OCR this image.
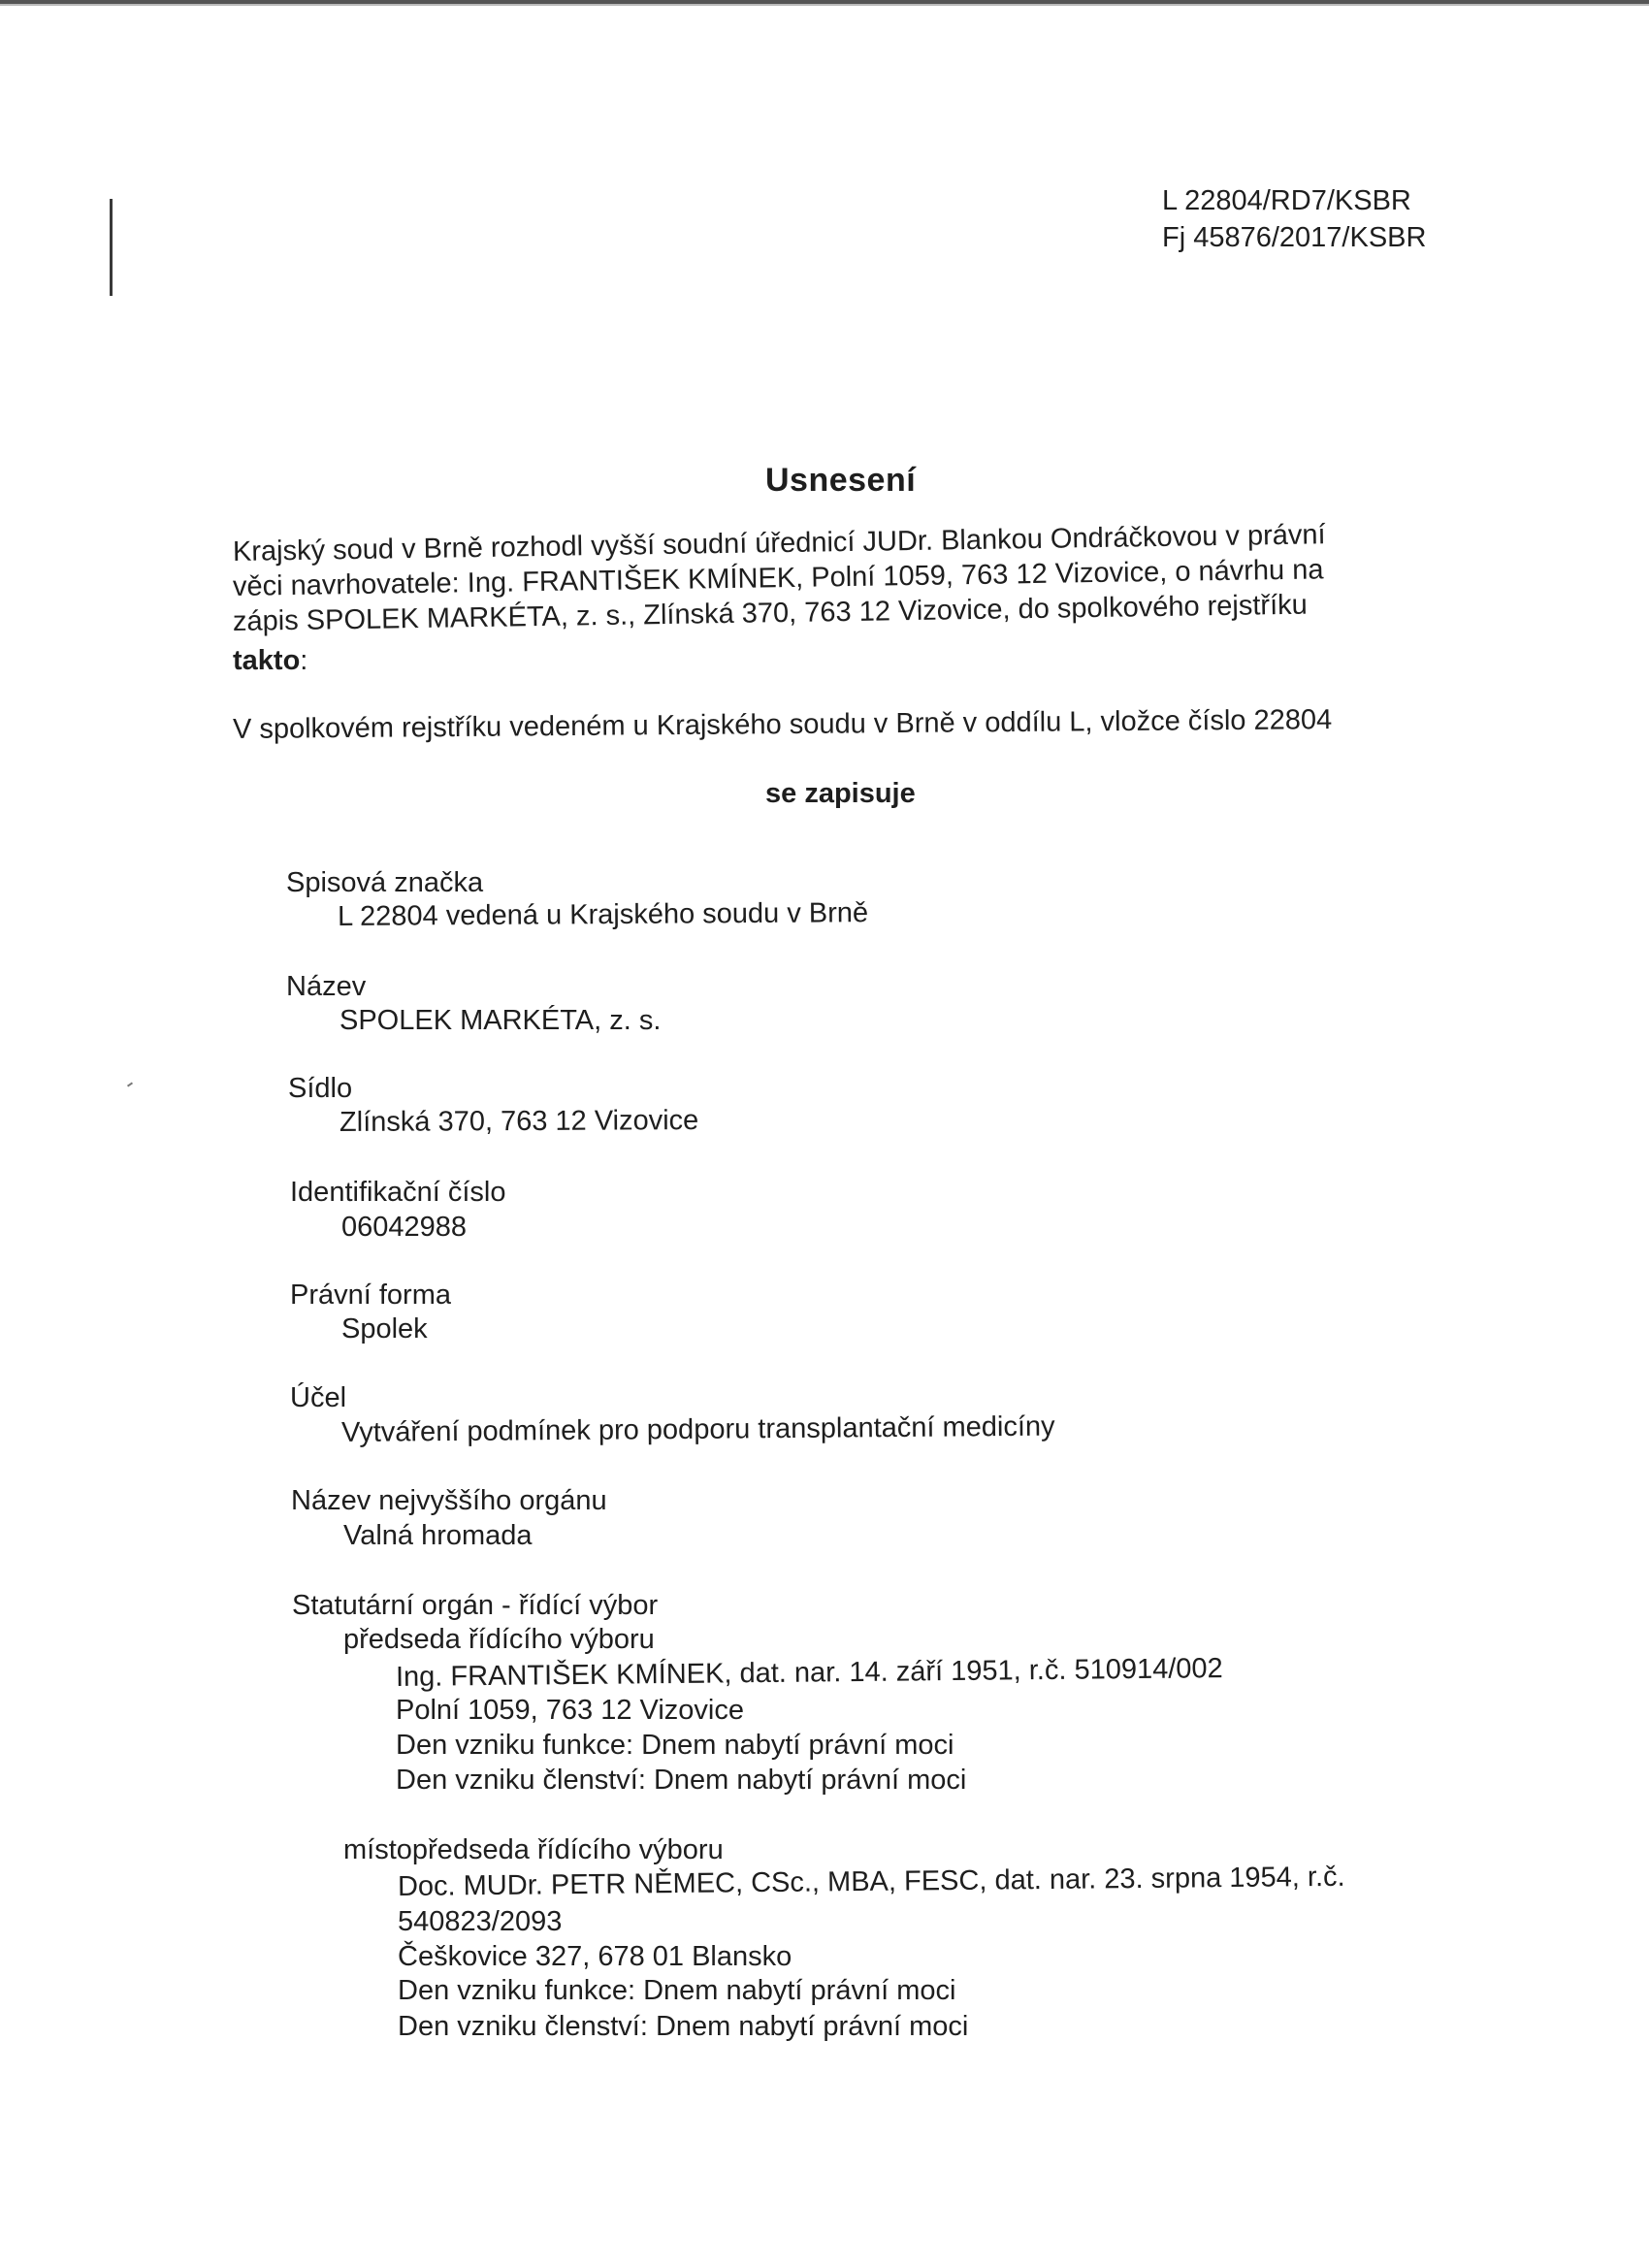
L 22804/RD7/KSBR
Fj 45876/2017/KSBR
Usnesení
Krajský soud v Brně rozhodl vyšší soudní úřednicí JUDr. Blankou Ondráčkovou v právní
věci navrhovatele: Ing. FRANTIŠEK KMÍNEK, Polní 1059, 763 12 Vizovice, o návrhu na
zápis SPOLEK MARKÉTA, z. s., Zlínská 370, 763 12 Vizovice, do spolkového rejstříku
takto:
V spolkovém rejstříku vedeném u Krajského soudu v Brně v oddílu L, vložce číslo 22804
se zapisuje
Spisová značka
L 22804 vedená u Krajského soudu v Brně
Název
SPOLEK MARKÉTA, z. s.
Sídlo
Zlínská 370, 763 12 Vizovice
Identifikační číslo
06042988
Právní forma
Spolek
Účel
Vytváření podmínek pro podporu transplantační medicíny
Název nejvyššího orgánu
Valná hromada
Statutární orgán - řídící výbor
předseda řídícího výboru
Ing. FRANTIŠEK KMÍNEK, dat. nar. 14. září 1951, r.č. 510914/002
Polní 1059, 763 12 Vizovice
Den vzniku funkce: Dnem nabytí právní moci
Den vzniku členství: Dnem nabytí právní moci
místopředseda řídícího výboru
Doc. MUDr. PETR NĚMEC, CSc., MBA, FESC, dat. nar. 23. srpna 1954, r.č.
540823/2093
Češkovice 327, 678 01 Blansko
Den vzniku funkce: Dnem nabytí právní moci
Den vzniku členství: Dnem nabytí právní moci
